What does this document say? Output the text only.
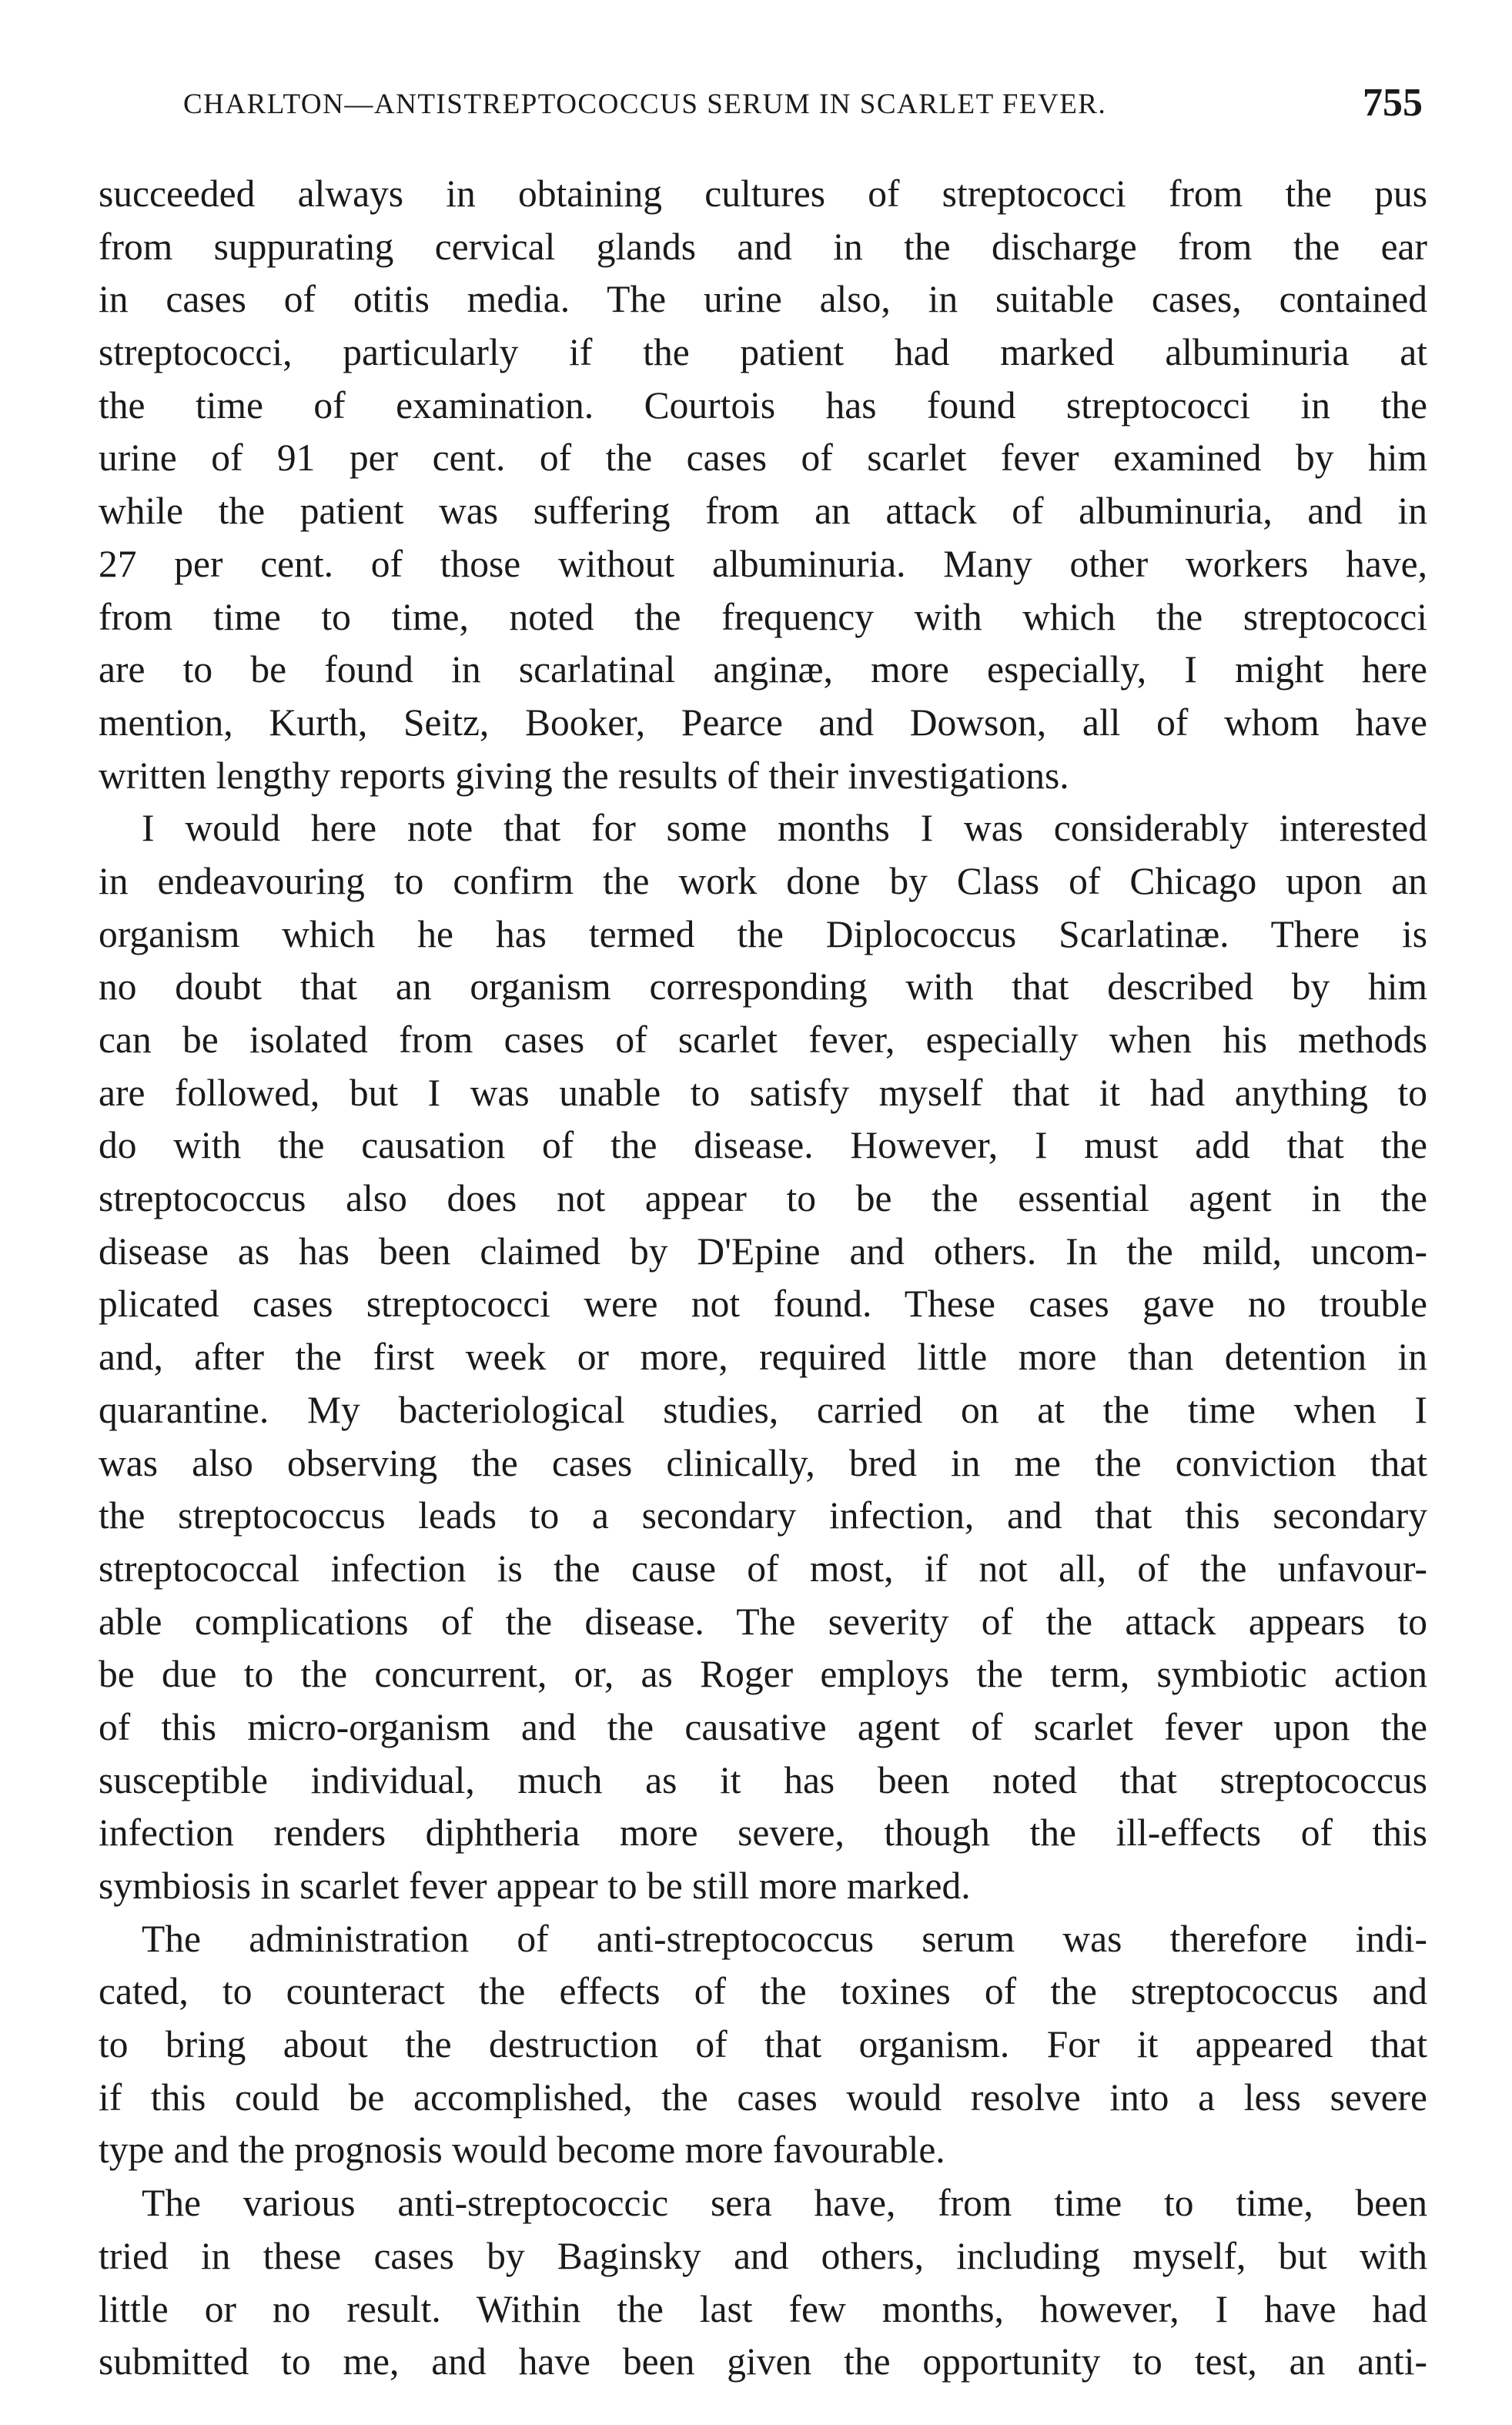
CHARLTON—ANTISTREPTOCOCCUS SERUM IN SCARLET FEVER.	755
succeeded always in obtaining cultures of streptococci from the pus
from suppurating cervical glands and in the discharge from the ear
in cases of otitis media. The urine also, in suitable cases, contained
streptococci, particularly if the patient had marked albuminuria at
the time of examination. Courtois has found streptococci in the
urine of 91 per cent. of the cases of scarlet fever examined by him
while the patient was suffering from an attack of albuminuria, and in
27 per cent. of those without albuminuria. Many other workers have,
from time to time, noted the frequency with which the streptococci
are to be found in scarlatinal anginæ, more especially, I might here
mention, Kurth, Seitz, Booker, Pearce and Dowson, all of whom have
written lengthy reports giving the results of their investigations.
I would here note that for some months I was considerably interested
in endeavouring to confirm the work done by Class of Chicago upon an
organism which he has termed the Diplococcus Scarlatinæ. There is
no doubt that an organism corresponding with that described by him
can be isolated from cases of scarlet fever, especially when his methods
are followed, but I was unable to satisfy myself that it had anything to
do with the causation of the disease. However, I must add that the
streptococcus also does not appear to be the essential agent in the
disease as has been claimed by D'Epine and others. In the mild, uncom-
plicated cases streptococci were not found. These cases gave no trouble
and, after the first week or more, required little more than detention in
quarantine. My bacteriological studies, carried on at the time when I
was also observing the cases clinically, bred in me the conviction that
the streptococcus leads to a secondary infection, and that this secondary
streptococcal infection is the cause of most, if not all, of the unfavour-
able complications of the disease. The severity of the attack appears to
be due to the concurrent, or, as Roger employs the term, symbiotic action
of this micro-organism and the causative agent of scarlet fever upon the
susceptible individual, much as it has been noted that streptococcus
infection renders diphtheria more severe, though the ill-effects of this
symbiosis in scarlet fever appear to be still more marked.
The administration of anti-streptococcus serum was therefore indi-
cated, to counteract the effects of the toxines of the streptococcus and
to bring about the destruction of that organism. For it appeared that
if this could be accomplished, the cases would resolve into a less severe
type and the prognosis would become more favourable.
The various anti-streptococcic sera have, from time to time, been
tried in these cases by Baginsky and others, including myself, but with
little or no result. Within the last few months, however, I have had
submitted to me, and have been given the opportunity to test, an anti-
